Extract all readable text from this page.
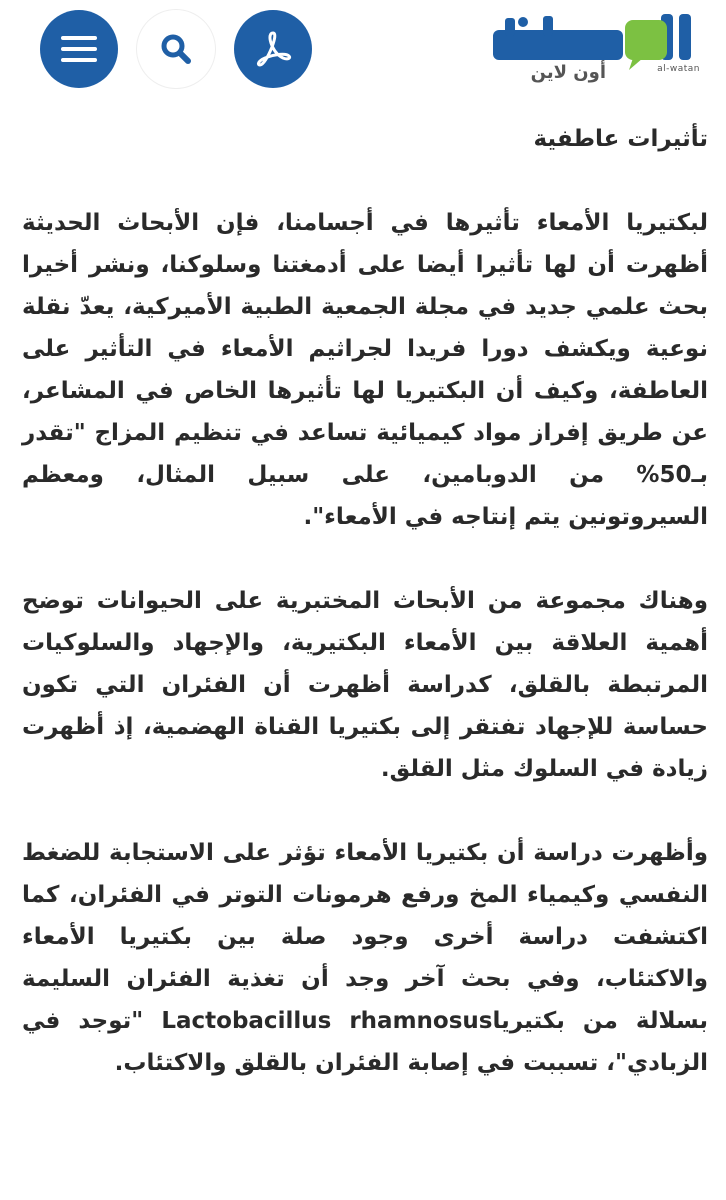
أون لاين	al-watan
تأثيرات عاطفية

لبكتيريا الأمعاء تأثيرها في أجسامنا، فإن الأبحاث الحديثة أظهرت أن لها تأثيرا أيضا على أدمغتنا وسلوكنا، ونشر أخيرا بحث علمي جديد في مجلة الجمعية الطبية الأميركية، يعدّ نقلة نوعية ويكشف دورا فريدا لجراثيم الأمعاء في التأثير على العاطفة، وكيف أن البكتيريا لها تأثيرها الخاص في المشاعر، عن طريق إفراز مواد كيميائية تساعد في تنظيم المزاج "تقدر بـ50% من الدوبامين، على سبيل المثال، ومعظم السيروتونين يتم إنتاجه في الأمعاء".

وهناك مجموعة من الأبحاث المختبرية على الحيوانات توضح أهمية العلاقة بين الأمعاء البكتيرية، والإجهاد والسلوكيات المرتبطة بالقلق، كدراسة أظهرت أن الفئران التي تكون حساسة للإجهاد تفتقر إلى بكتيريا القناة الهضمية، إذ أظهرت زيادة في السلوك مثل القلق.

وأظهرت دراسة أن بكتيريا الأمعاء تؤثر على الاستجابة للضغط النفسي وكيمياء المخ ورفع هرمونات التوتر في الفئران، كما اكتشفت دراسة أخرى وجود صلة بين بكتيريا الأمعاء والاكتئاب، وفي بحث آخر وجد أن تغذية الفئران السليمة بسلالة من بكتيرياLactobacillus rhamnosus "توجد في الزبادي"، تسببت في إصابة الفئران بالقلق والاكتئاب.
